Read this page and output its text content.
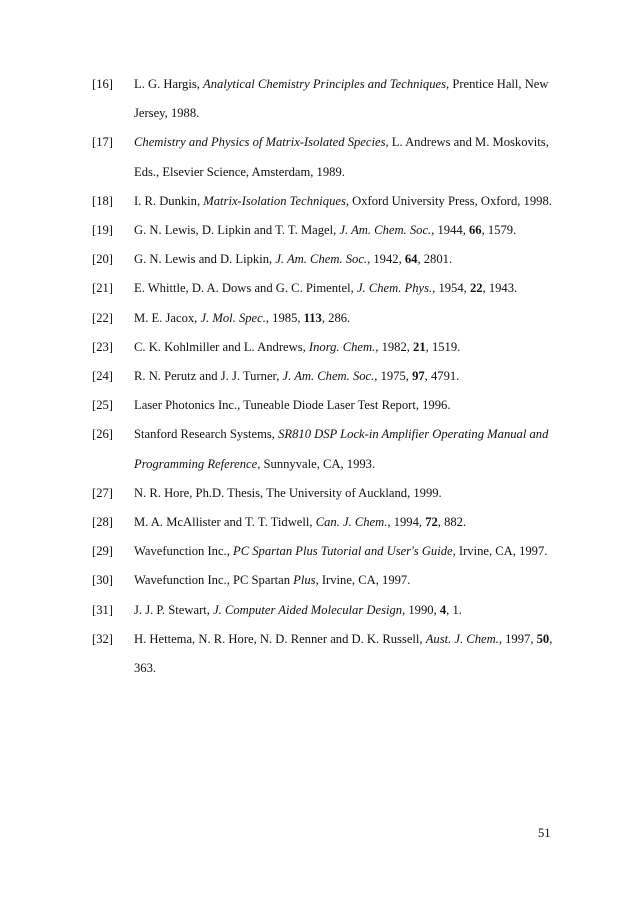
[16]	L. G. Hargis, Analytical Chemistry Principles and Techniques, Prentice Hall, New Jersey, 1988.
[17]	Chemistry and Physics of Matrix-Isolated Species, L. Andrews and M. Moskovits, Eds., Elsevier Science, Amsterdam, 1989.
[18]	I. R. Dunkin, Matrix-Isolation Techniques, Oxford University Press, Oxford, 1998.
[19]	G. N. Lewis, D. Lipkin and T. T. Magel, J. Am. Chem. Soc., 1944, 66, 1579.
[20]	G. N. Lewis and D. Lipkin, J. Am. Chem. Soc., 1942, 64, 2801.
[21]	E. Whittle, D. A. Dows and G. C. Pimentel, J. Chem. Phys., 1954, 22, 1943.
[22]	M. E. Jacox, J. Mol. Spec., 1985, 113, 286.
[23]	C. K. Kohlmiller and L. Andrews, Inorg. Chem., 1982, 21, 1519.
[24]	R. N. Perutz and J. J. Turner, J. Am. Chem. Soc., 1975, 97, 4791.
[25]	Laser Photonics Inc., Tuneable Diode Laser Test Report, 1996.
[26]	Stanford Research Systems, SR810 DSP Lock-in Amplifier Operating Manual and Programming Reference, Sunnyvale, CA, 1993.
[27]	N. R. Hore, Ph.D. Thesis, The University of Auckland, 1999.
[28]	M. A. McAllister and T. T. Tidwell, Can. J. Chem., 1994, 72, 882.
[29]	Wavefunction Inc., PC Spartan Plus Tutorial and User's Guide, Irvine, CA, 1997.
[30]	Wavefunction Inc., PC Spartan Plus, Irvine, CA, 1997.
[31]	J. J. P. Stewart, J. Computer Aided Molecular Design, 1990, 4, 1.
[32]	H. Hettema, N. R. Hore, N. D. Renner and D. K. Russell, Aust. J. Chem., 1997, 50, 363.
51
